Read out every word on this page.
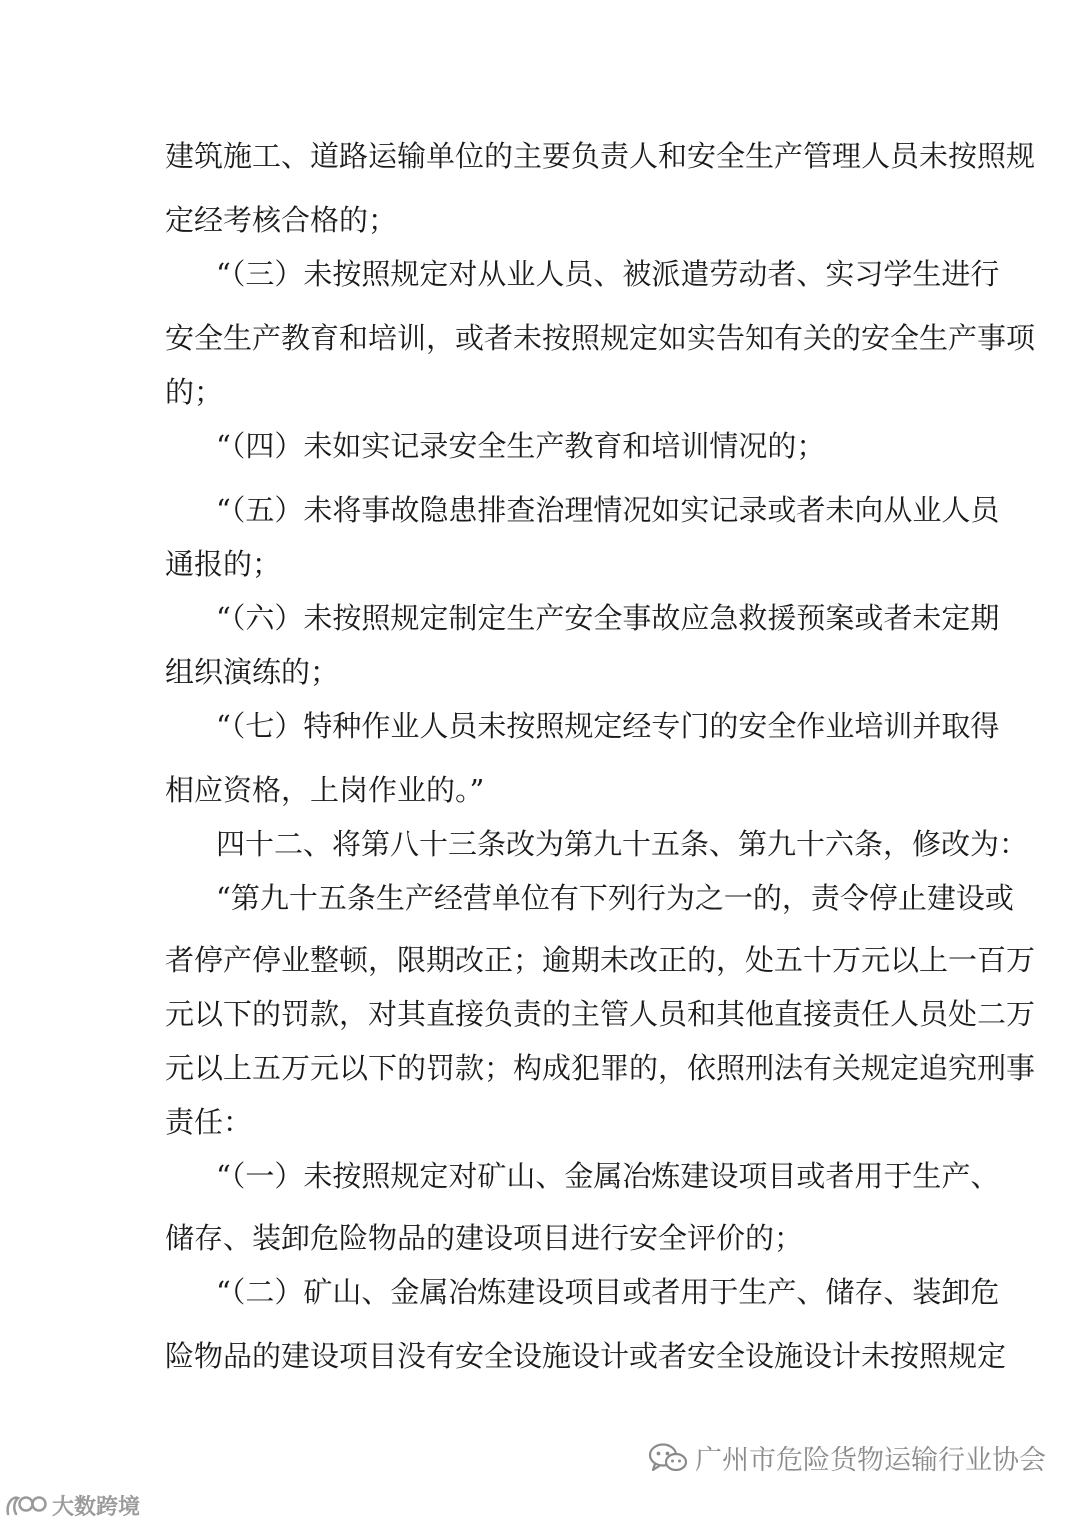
建筑施工、道路运输单位的主要负责人和安全生产管理人员未按照规
定经考核合格的；
“（三）未按照规定对从业人员、被派遣劳动者、实习学生进行
安全生产教育和培训，或者未按照规定如实告知有关的安全生产事项
的；
“（四）未如实记录安全生产教育和培训情况的；
“（五）未将事故隐患排查治理情况如实记录或者未向从业人员
通报的；
“（六）未按照规定制定生产安全事故应急救援预案或者未定期
组织演练的；
“（七）特种作业人员未按照规定经专门的安全作业培训并取得
相应资格，上岗作业的。”
四十二、将第八十三条改为第九十五条、第九十六条，修改为：
“第九十五条生产经营单位有下列行为之一的，责令停止建设或
者停产停业整顿，限期改正；逾期未改正的，处五十万元以上一百万
元以下的罚款，对其直接负责的主管人员和其他直接责任人员处二万
元以上五万元以下的罚款；构成犯罪的，依照刑法有关规定追究刑事
责任：
“（一）未按照规定对矿山、金属冶炼建设项目或者用于生产、
储存、装卸危险物品的建设项目进行安全评价的；
“（二）矿山、金属冶炼建设项目或者用于生产、储存、装卸危
险物品的建设项目没有安全设施设计或者安全设施设计未按照规定
广州市危险货物运输行业协会
大数跨境
